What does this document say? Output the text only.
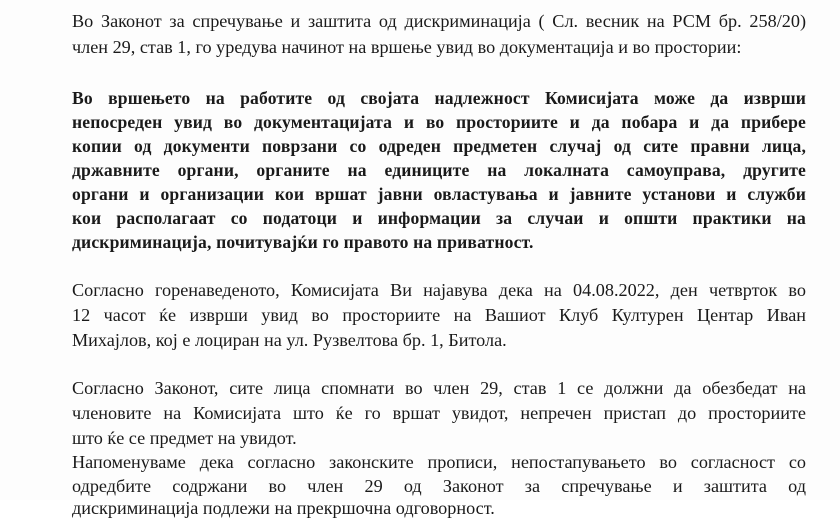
Во Законот за спречување и заштита од дискриминација ( Сл. весник на РСМ бр. 258/20)
член 29, став 1, го уредува начинот на вршење увид во документација и во простории:
Во вршењето на работите од својата надлежност Комисијата може да изврши
непосреден увид во документацијата и во просториите и да побара и да прибере
копии од документи поврзани со одреден предметен случај од сите правни лица,
државните органи, органите на единиците на локалната самоуправа, другите
органи и организации кои вршат јавни овластувања и јавните установи и служби
кои располагаат со податоци и информации за случаи и општи практики на
дискриминација, почитувајќи го правото на приватност.
Согласно горенаведеното, Комисијата Ви најавува дека на 04.08.2022, ден четврток во
12 часот ќе изврши увид во просториите на Вашиот Клуб Културен Центар Иван
Михајлов, кој е лоциран на ул. Рузвелтова бр. 1, Битола.
Согласно Законот, сите лица спомнати во член 29, став 1 се должни да обезбедат на
членовите на Комисијата што ќе го вршат увидот, непречен пристап до просториите
што ќе се предмет на увидот.
Напоменуваме дека согласно законските прописи, непостапувањето во согласност со
одредбите содржани во член 29 од Законот за спречување и заштита од
дискриминација подлежи на прекршочна одговорност.
